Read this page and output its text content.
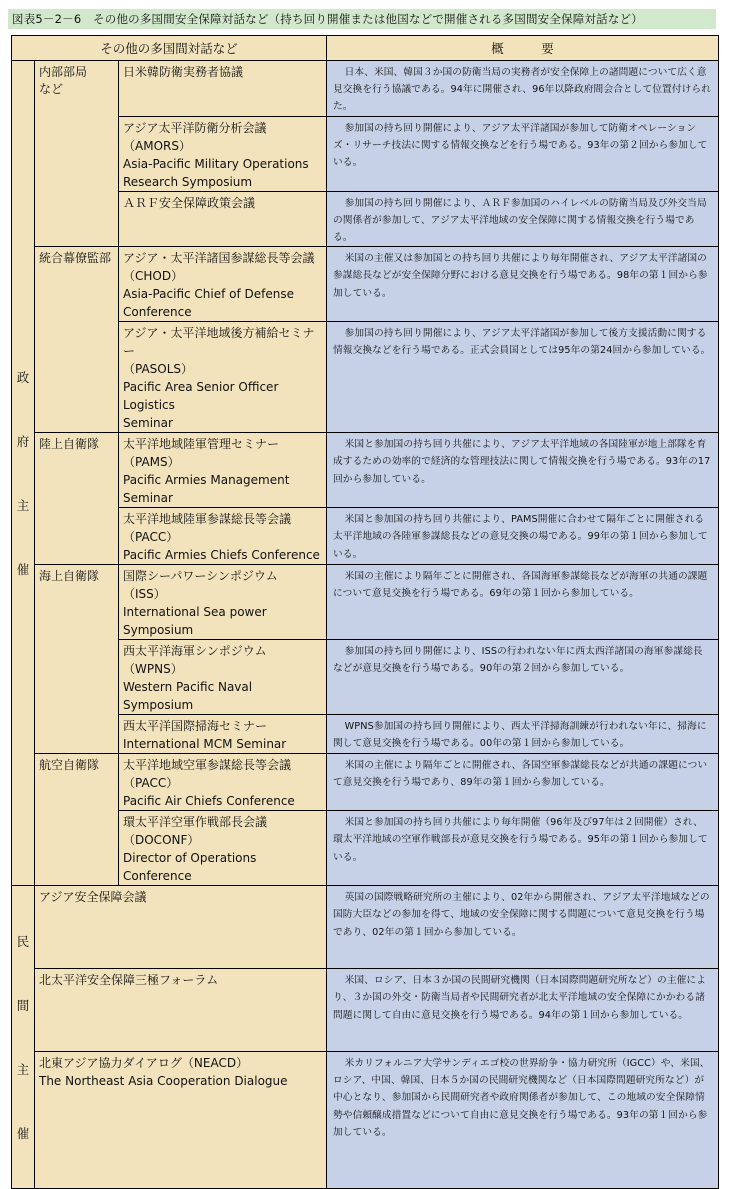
図表5－2－6　その他の多国間安全保障対話など（持ち回り開催または他国などで開催される多国間安全保障対話など）
その他の多国間対話など			概　　　要

政
府
主
催	内部部局
など	日米韓防衛実務者協議	日本、米国、韓国３か国の防衛当局の実務者が安全保障上の諸問題について広く意見交換を行う協議である。94年に開催され、96年以降政府間会合として位置付けられた。
		アジア太平洋防衛分析会議
（AMORS）
Asia-Pacific Military Operations
Research Symposium	参加国の持ち回り開催により、アジア太平洋諸国が参加して防衛オペレーションズ・リサーチ技法に関する情報交換などを行う場である。93年の第２回から参加している。
		ＡＲＦ安全保障政策会議	参加国の持ち回り開催により、ＡＲＦ参加国のハイレベルの防衛当局及び外交当局の関係者が参加して、アジア太平洋地域の安全保障に関する情報交換を行う場である。
	統合幕僚監部	アジア・太平洋諸国参謀総長等会議
（CHOD）
Asia-Pacific Chief of Defense
Conference	米国の主催又は参加国との持ち回り共催により毎年開催され、アジア太平洋諸国の参謀総長などが安全保障分野における意見交換を行う場である。98年の第１回から参加している。
		アジア・太平洋地域後方補給セミナー
（PASOLS）
Pacific Area Senior Officer Logistics
Seminar	参加国の持ち回り開催により、アジア太平洋諸国が参加して後方支援活動に関する情報交換などを行う場である。正式会員国としては95年の第24回から参加している。
	陸上自衛隊	太平洋地域陸軍管理セミナー
（PAMS）
Pacific Armies Management
Seminar	米国と参加国の持ち回り共催により、アジア太平洋地域の各国陸軍が地上部隊を育成するための効率的で経済的な管理技法に関して情報交換を行う場である。93年の17回から参加している。
		太平洋地域陸軍参謀総長等会議
（PACC）
Pacific Armies Chiefs Conference	米国と参加国の持ち回り共催により、PAMS開催に合わせて隔年ごとに開催される太平洋地域の各陸軍参謀総長などの意見交換の場である。99年の第１回から参加している。
	海上自衛隊	国際シーパワーシンポジウム
（ISS）
International Sea power
Symposium	米国の主催により隔年ごとに開催され、各国海軍参謀総長などが海軍の共通の課題について意見交換を行う場である。69年の第１回から参加している。
		西太平洋海軍シンポジウム
（WPNS）
Western Pacific Naval
Symposium	参加国の持ち回り開催により、ISSの行われない年に西太西洋諸国の海軍参謀総長などが意見交換を行う場である。90年の第２回から参加している。
		西太平洋国際掃海セミナー
International MCM Seminar	WPNS参加国の持ち回り開催により、西太平洋掃海訓練が行われない年に、掃海に関して意見交換を行う場である。00年の第１回から参加している。
	航空自衛隊	太平洋地域空軍参謀総長等会議
（PACC）
Pacific Air Chiefs Conference	米国の主催により隔年ごとに開催され、各国空軍参謀総長などが共通の課題について意見交換を行う場であり、89年の第１回から参加している。
		環太平洋空軍作戦部長会議
（DOCONF）
Director of Operations Conference	米国と参加国の持ち回り共催により毎年開催（96年及び97年は２回開催）され、環太平洋地域の空軍作戦部長が意見交換を行う場である。95年の第１回から参加している。

民
間
主
催	アジア安全保障会議		英国の国際戦略研究所の主催により、02年から開催され、アジア太平洋地域などの国防大臣などの参加を得て、地域の安全保障に関する問題について意見交換を行う場であり、02年の第１回から参加している。
	北太平洋安全保障三極フォーラム		米国、ロシア、日本３か国の民間研究機関（日本国際問題研究所など）の主催により、３か国の外交・防衛当局者や民間研究者が北太平洋地域の安全保障にかかわる諸問題に関して自由に意見交換を行う場である。94年の第１回から参加している。
	北東アジア協力ダイアログ（NEACD）
The Northeast Asia Cooperation Dialogue		米カリフォルニア大学サンディエゴ校の世界紛争・協力研究所（IGCC）や、米国、ロシア、中国、韓国、日本５か国の民間研究機関など（日本国際問題研究所など）が中心となり、参加国から民間研究者や政府関係者が参加して、この地域の安全保障情勢や信頼醸成措置などについて自由に意見交換を行う場である。93年の第１回から参加している。
